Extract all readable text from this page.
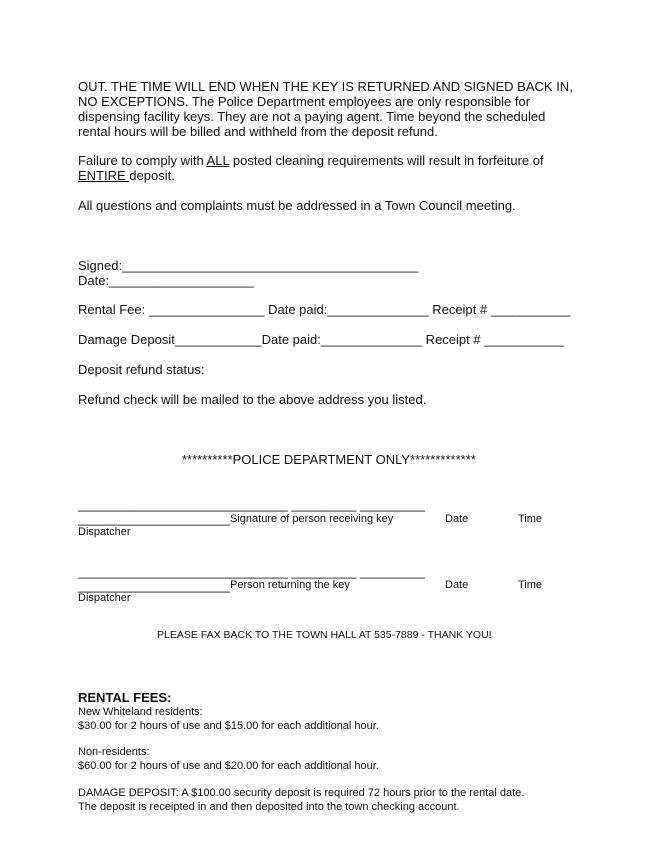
OUT. THE TIME WILL END WHEN THE KEY IS RETURNED AND SIGNED BACK IN,
NO EXCEPTIONS. The Police Department employees are only responsible for
dispensing facility keys. They are not a paying agent. Time beyond the scheduled
rental hours will be billed and withheld from the deposit refund.
Failure to comply with ALL posted cleaning requirements will result in forfeiture of
ENTIRE deposit.
All questions and complaints must be addressed in a Town Council meeting.
Signed:_________________________________________
Date:____________________
Rental Fee: ________________ Date paid:______________ Receipt # ___________
Damage Deposit____________Date paid:______________ Receipt # ___________
Deposit refund status:
Refund check will be mailed to the above address you listed.
**********POLICE DEPARTMENT ONLY*************
_____________________________ _________ _________
_____________________ Signature of person receiving key	Date	Time
Dispatcher
_____________________________ _________ _________
_____________________ Person returning the key	Date	Time
Dispatcher
PLEASE FAX BACK TO THE TOWN HALL AT 535-7889 - THANK YOU!
RENTAL FEES:
New Whiteland residents:
$30.00 for 2 hours of use and $15.00 for each additional hour.
Non-residents:
$60.00 for 2 hours of use and $20.00 for each additional hour.
DAMAGE DEPOSIT: A $100.00 security deposit is required 72 hours prior to the rental date.
The deposit is receipted in and then deposited into the town checking account.
